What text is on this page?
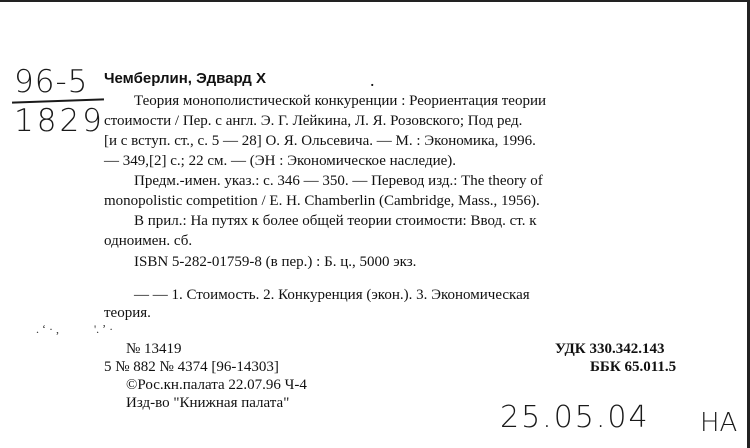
96-5
1829
Чемберлин, Эдвард Х	.
Теория монополистической конкуренции : Реориентация теории
стоимости / Пер. с англ. Э. Г. Лейкина, Л. Я. Розовского; Под ред.
[и с вступ. ст., с. 5 — 28] О. Я. Ольсевича. — М. : Экономика, 1996.
— 349,[2] с.; 22 см. — (ЭН : Экономическое наследие).
Предм.-имен. указ.: с. 346 — 350. — Перевод изд.: The theory of
monopolistic competition / E. H. Chamberlin (Cambridge, Mass., 1956).
В прил.: На путях к более общей теории стоимости: Ввод. ст. к
одноимен. сб.
ISBN 5-282-01759-8 (в пер.) : Б. ц., 5000 экз.
— — 1. Стоимость. 2. Конкуренция (экон.). 3. Экономическая
теория.
. ʻ · ,	'. ʼ ·
№ 13419
5 № 882 № 4374 [96-14303]
©Рос.кн.палата 22.07.96 Ч-4
Изд-во "Книжная палата"
УДК 330.342.143
ББК 65.011.5
25.05.04 НА
